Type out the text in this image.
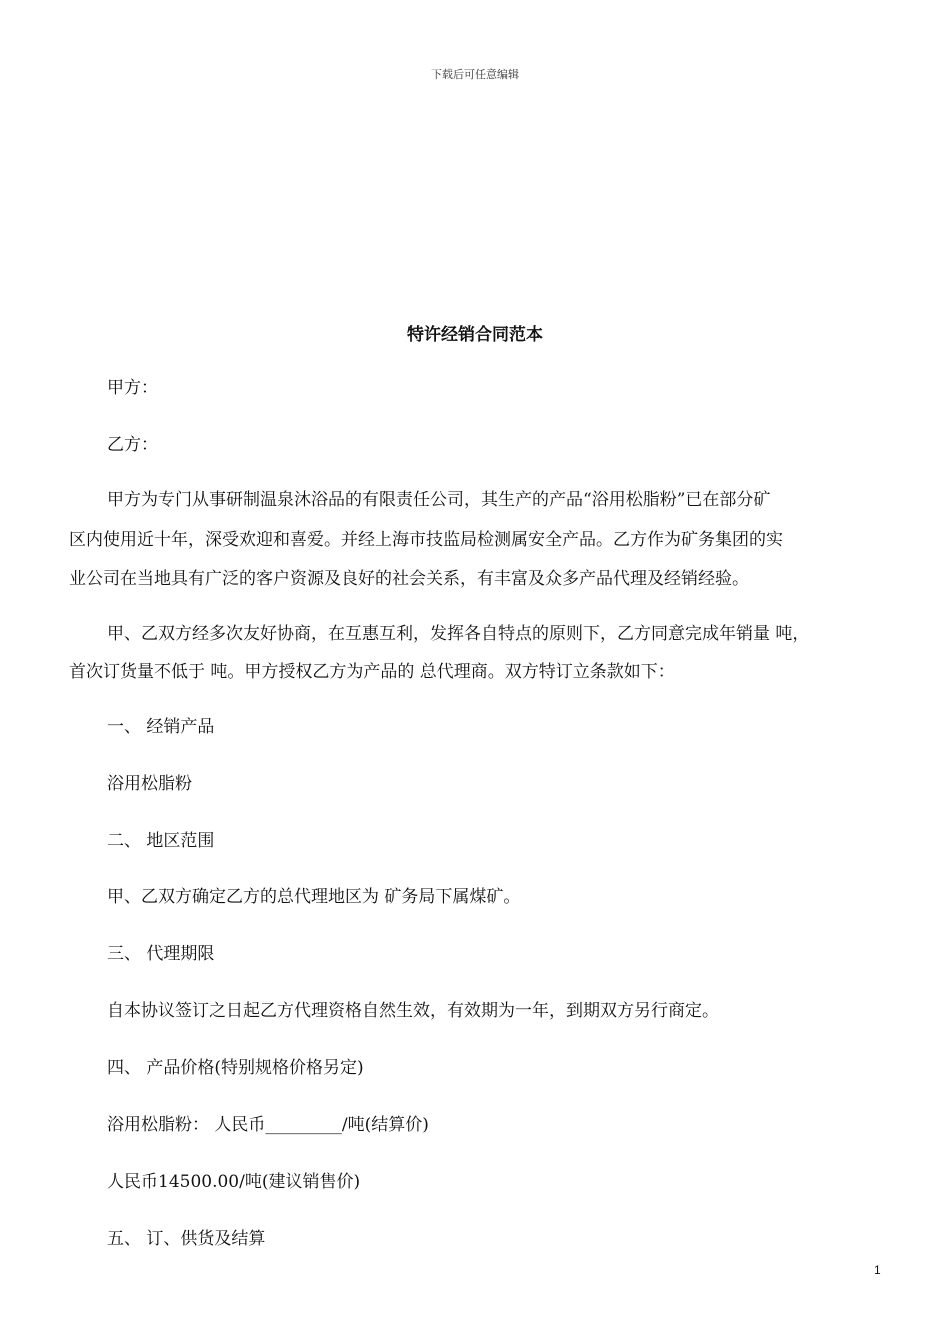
下载后可任意编辑
特许经销合同范本
甲方：
乙方：
甲方为专门从事研制温泉沐浴品的有限责任公司，其生产的产品“浴用松脂粉”已在部分矿
区内使用近十年，深受欢迎和喜爱。并经上海市技监局检测属安全产品。乙方作为矿务集团的实
业公司在当地具有广泛的客户资源及良好的社会关系，有丰富及众多产品代理及经销经验。
甲、乙双方经多次友好协商，在互惠互利，发挥各自特点的原则下，乙方同意完成年销量 吨，
首次订货量不低于 吨。甲方授权乙方为产品的 总代理商。双方特订立条款如下：
一、 经销产品
浴用松脂粉
二、 地区范围
甲、乙双方确定乙方的总代理地区为 矿务局下属煤矿。
三、 代理期限
自本协议签订之日起乙方代理资格自然生效，有效期为一年，到期双方另行商定。
四、 产品价格(特别规格价格另定)
浴用松脂粉： 人民币_________/吨(结算价)
人民币14500.00/吨(建议销售价)
五、 订、供货及结算
1
